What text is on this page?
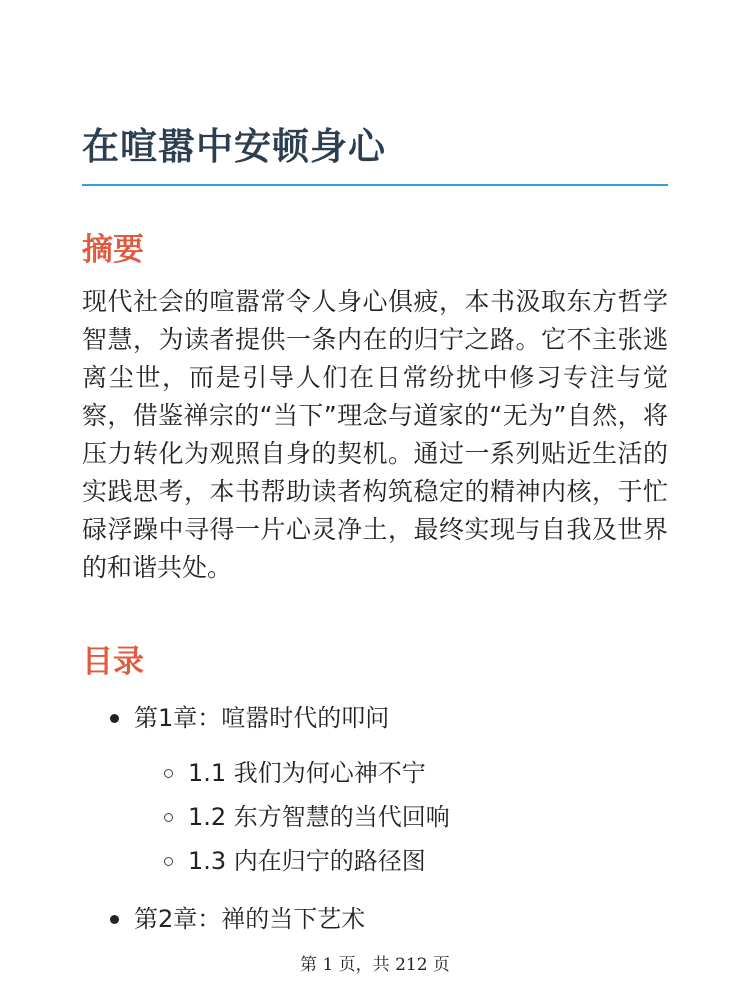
在喧嚣中安顿身心
摘要

现代社会的喧嚣常令人身心俱疲，本书汲取东方哲学智慧，为读者提供一条内在的归宁之路。它不主张逃离尘世，而是引导人们在日常纷扰中修习专注与觉察，借鉴禅宗的“当下”理念与道家的“无为”自然，将压力转化为观照自身的契机。通过一系列贴近生活的实践思考，本书帮助读者构筑稳定的精神内核，于忙碌浮躁中寻得一片心灵净土，最终实现与自我及世界的和谐共处。

目录
第1章：喧嚣时代的叩问
1.1 我们为何心神不宁
1.2 东方智慧的当代回响
1.3 内在归宁的路径图
第2章：禅的当下艺术
第 1 页，共 212 页
